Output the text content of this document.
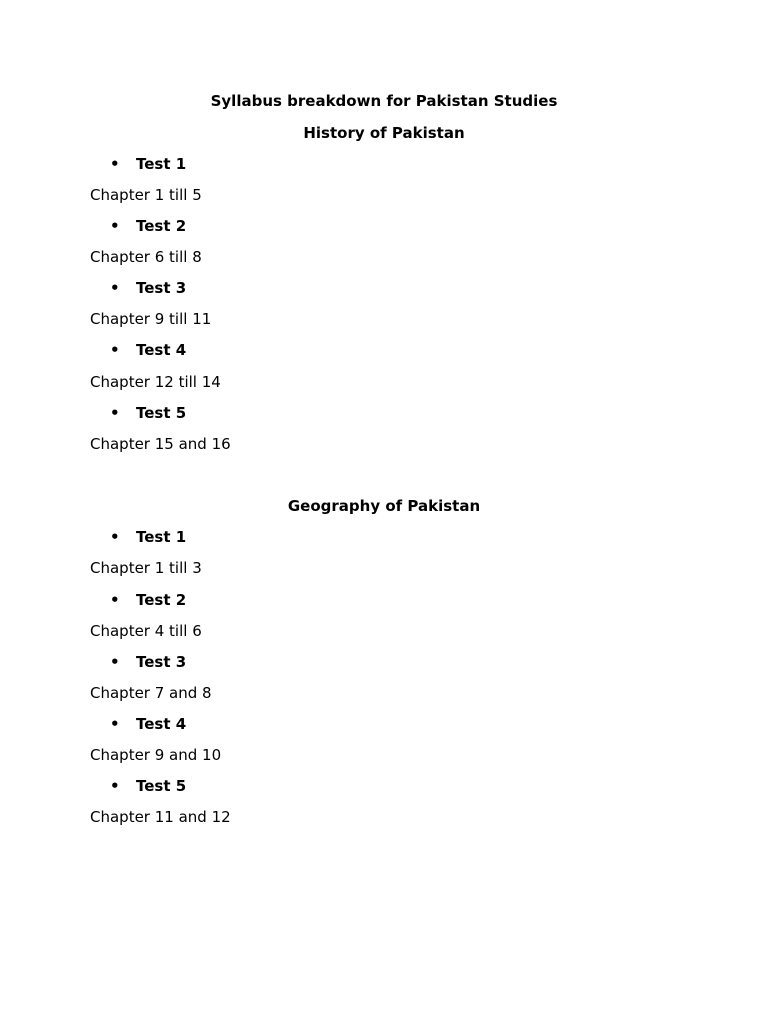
Syllabus breakdown for Pakistan Studies
History of Pakistan
• Test 1
Chapter 1 till 5
• Test 2
Chapter 6 till 8
• Test 3
Chapter 9 till 11
• Test 4
Chapter 12 till 14
• Test 5
Chapter 15 and 16
Geography of Pakistan
• Test 1
Chapter 1 till 3
• Test 2
Chapter 4 till 6
• Test 3
Chapter 7 and 8
• Test 4
Chapter 9 and 10
• Test 5
Chapter 11 and 12
